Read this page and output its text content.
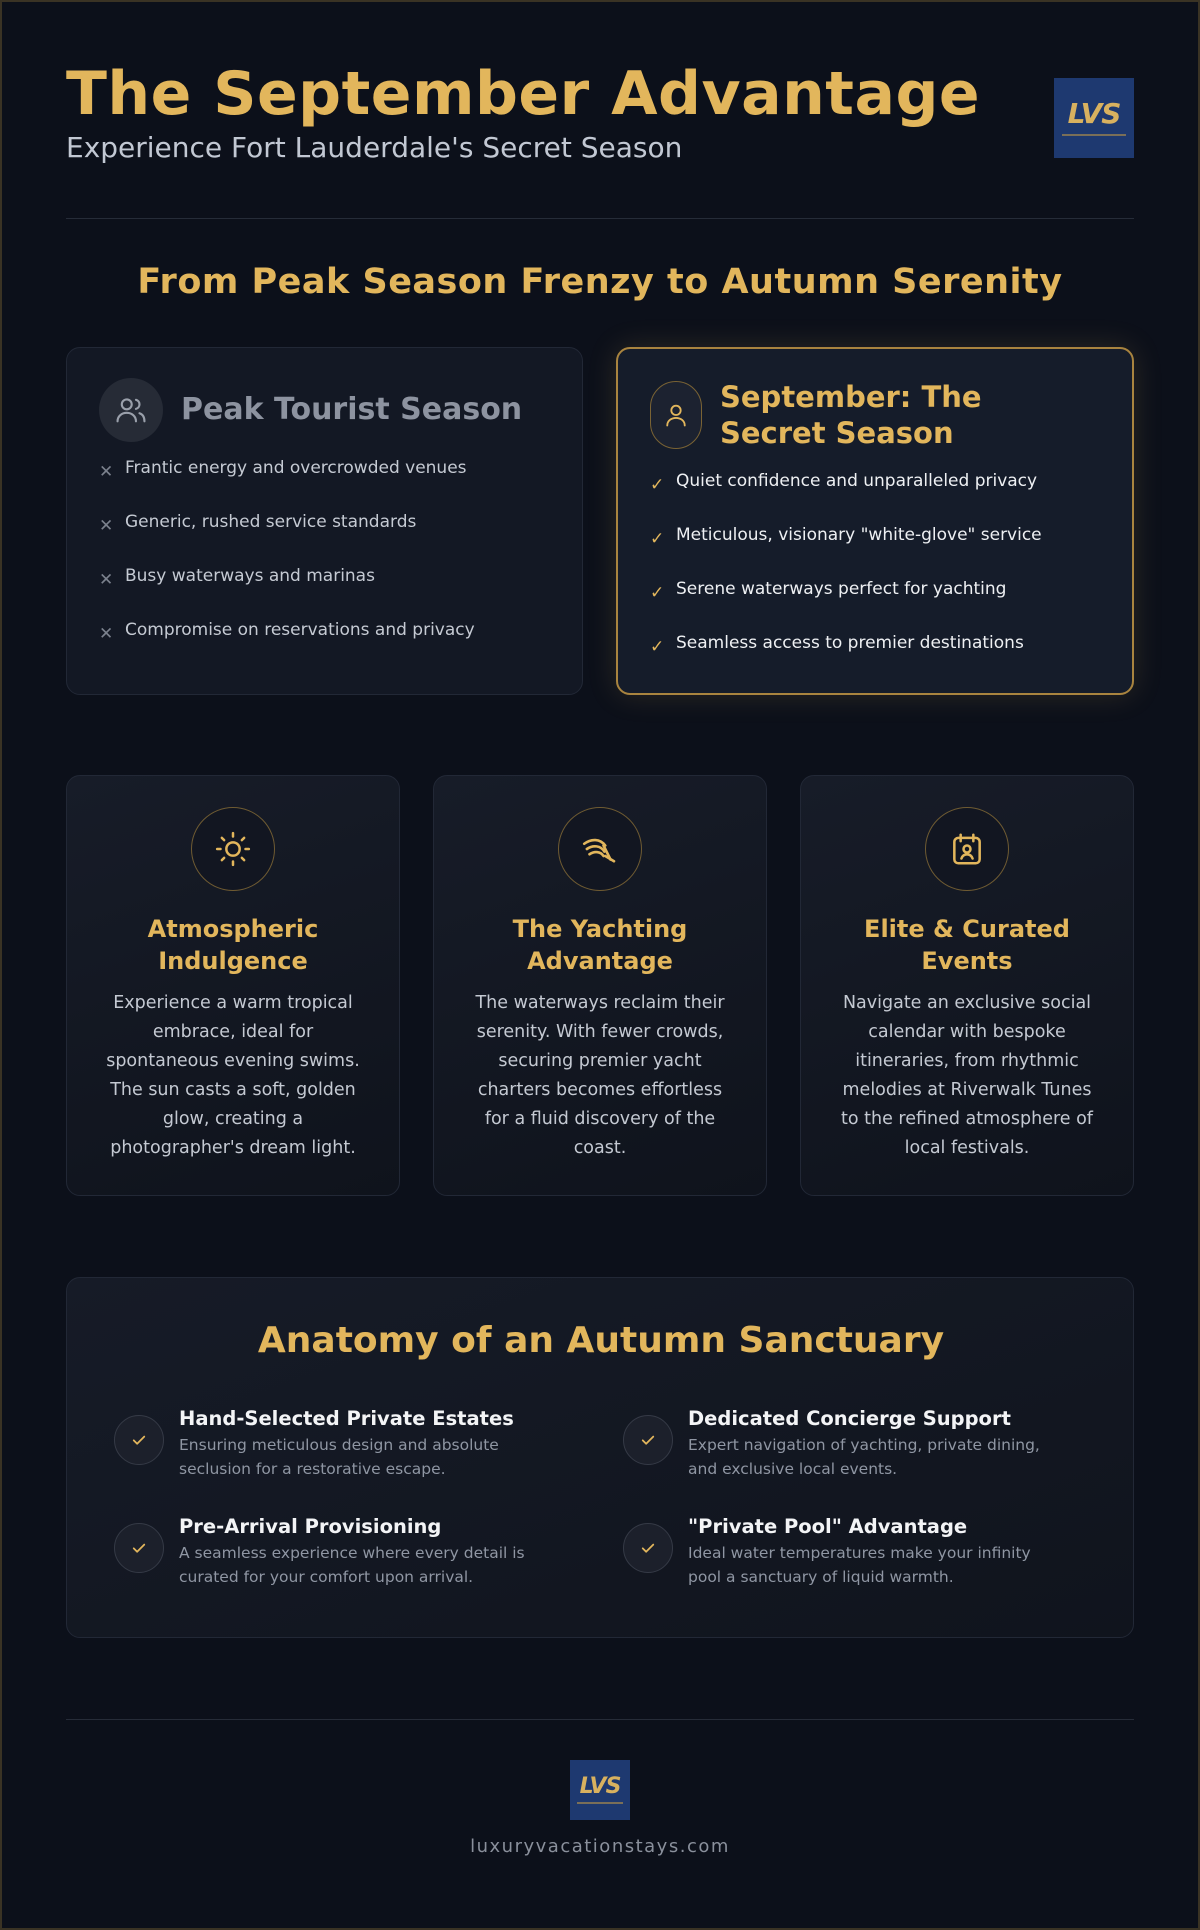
The September Advantage
Experience Fort Lauderdale's Secret Season
LVS
From Peak Season Frenzy to Autumn Serenity
Peak Tourist Season
✕ Frantic energy and overcrowded venues
✕ Generic, rushed service standards
✕ Busy waterways and marinas
✕ Compromise on reservations and privacy
September: The Secret Season
✓ Quiet confidence and unparalleled privacy
✓ Meticulous, visionary "white-glove" service
✓ Serene waterways perfect for yachting
✓ Seamless access to premier destinations
Atmospheric Indulgence
Experience a warm tropical embrace, ideal for spontaneous evening swims. The sun casts a soft, golden glow, creating a photographer's dream light.
The Yachting Advantage
The waterways reclaim their serenity. With fewer crowds, securing premier yacht charters becomes effortless for a fluid discovery of the coast.
Elite & Curated Events
Navigate an exclusive social calendar with bespoke itineraries, from rhythmic melodies at Riverwalk Tunes to the refined atmosphere of local festivals.
Anatomy of an Autumn Sanctuary
Hand-Selected Private Estates
Ensuring meticulous design and absolute seclusion for a restorative escape.
Dedicated Concierge Support
Expert navigation of yachting, private dining, and exclusive local events.
Pre-Arrival Provisioning
A seamless experience where every detail is curated for your comfort upon arrival.
"Private Pool" Advantage
Ideal water temperatures make your infinity pool a sanctuary of liquid warmth.
LVS
luxuryvacationstays.com
